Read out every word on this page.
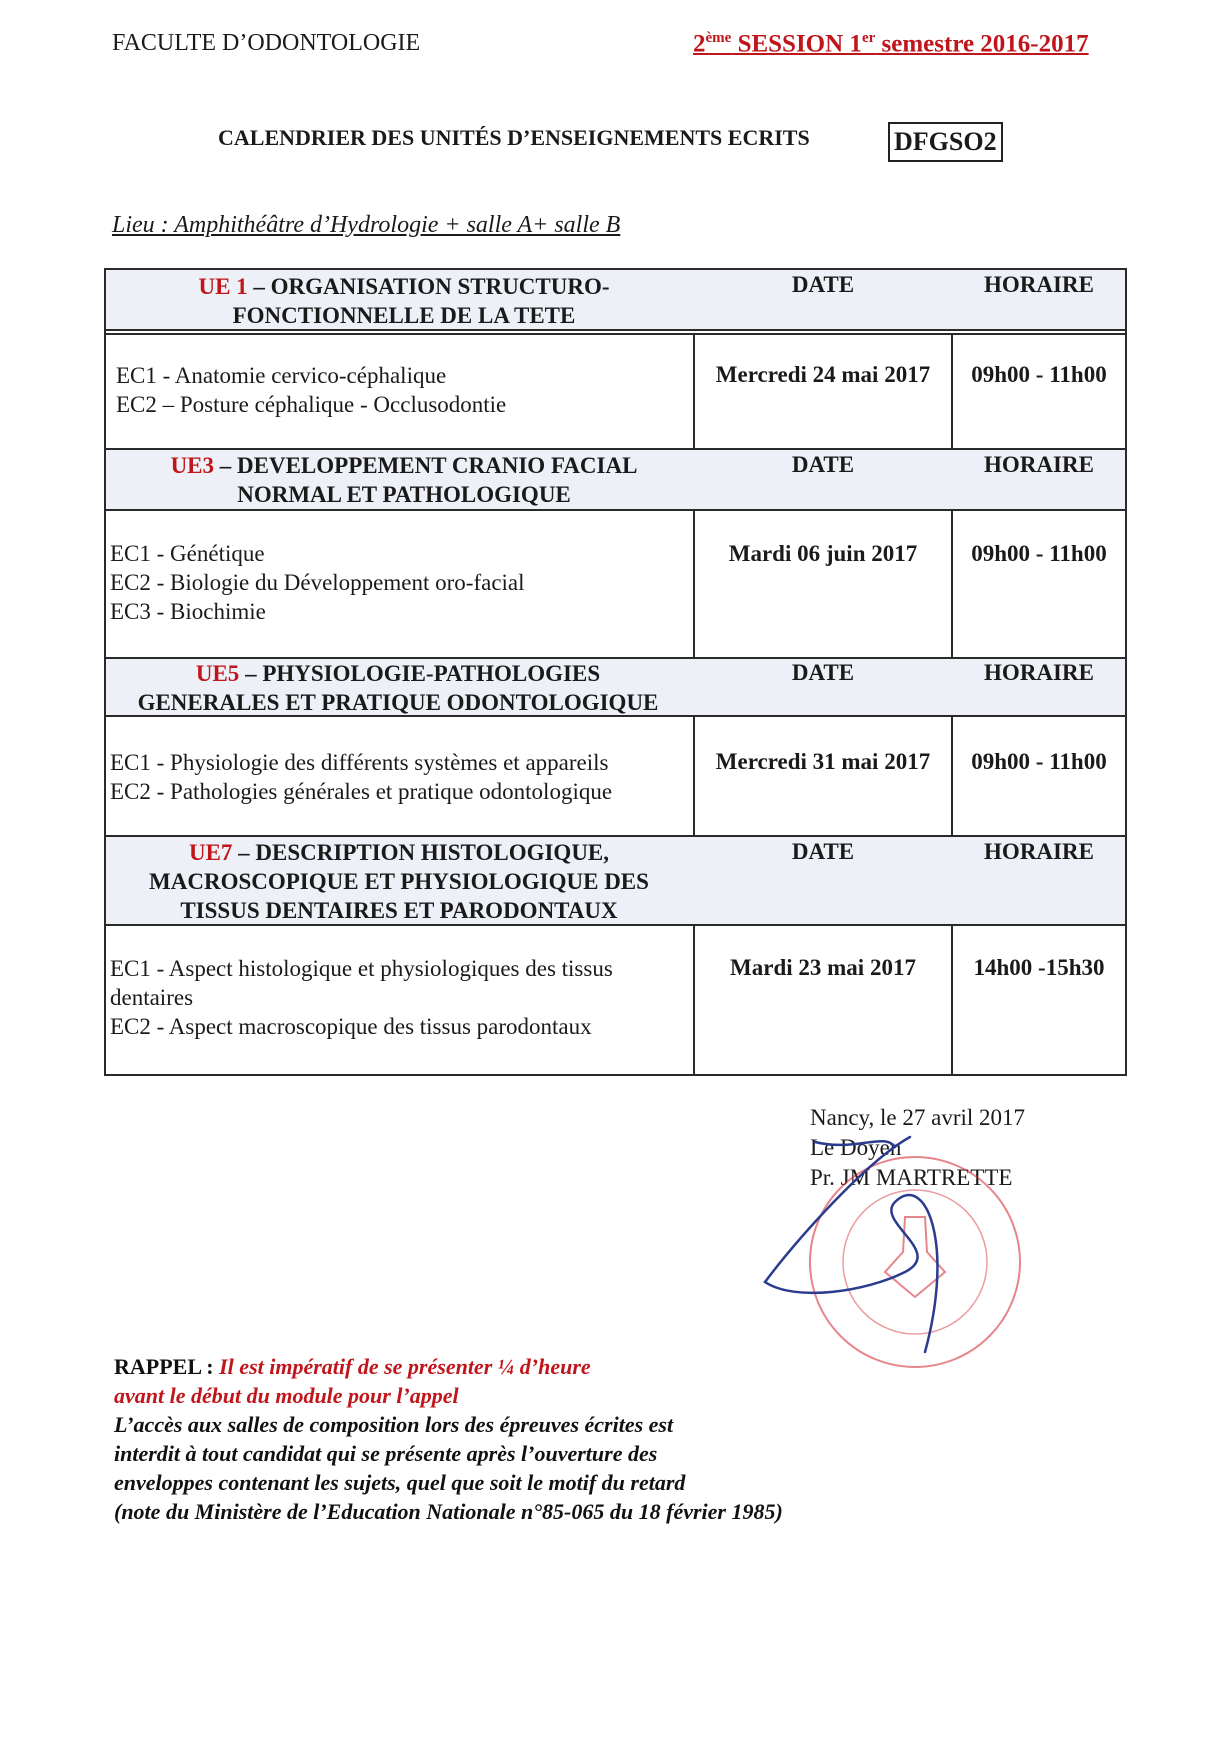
FACULTE D’ODONTOLOGIE	2ème SESSION 1er semestre 2016-2017
CALENDRIER DES UNITÉS D’ENSEIGNEMENTS ECRITS	DFGSO2
Lieu : Amphithéâtre d’Hydrologie + salle A+ salle B
UE 1 – ORGANISATION STRUCTURO-
FONCTIONNELLE DE LA TETE
DATE	HORAIRE
EC1 - Anatomie cervico-céphalique
EC2 – Posture céphalique - Occlusodontie
Mercredi 24 mai 2017	09h00 - 11h00
UE3 – DEVELOPPEMENT CRANIO FACIAL
NORMAL ET PATHOLOGIQUE
DATE	HORAIRE
EC1 - Génétique
EC2 - Biologie du Développement oro-facial
EC3 - Biochimie
Mardi 06 juin 2017	09h00 - 11h00
UE5 – PHYSIOLOGIE-PATHOLOGIES
GENERALES ET PRATIQUE ODONTOLOGIQUE
DATE	HORAIRE
EC1 - Physiologie des différents systèmes et appareils
EC2 - Pathologies générales et pratique odontologique
Mercredi 31 mai 2017	09h00 - 11h00
UE7 – DESCRIPTION HISTOLOGIQUE,
MACROSCOPIQUE ET PHYSIOLOGIQUE DES
TISSUS DENTAIRES ET PARODONTAUX
DATE	HORAIRE
EC1 - Aspect histologique et physiologiques des tissus
dentaires
EC2 - Aspect macroscopique des tissus parodontaux
Mardi 23 mai 2017	14h00 -15h30
Nancy, le 27 avril 2017
Le Doyen
Pr. JM MARTRETTE
RAPPEL : Il est impératif de se présenter ¼ d’heure
avant le début du module pour l’appel
L’accès aux salles de composition lors des épreuves écrites est
interdit à tout candidat qui se présente après l’ouverture des
enveloppes contenant les sujets, quel que soit le motif du retard
(note du Ministère de l’Education Nationale n°85-065 du 18 février 1985)
